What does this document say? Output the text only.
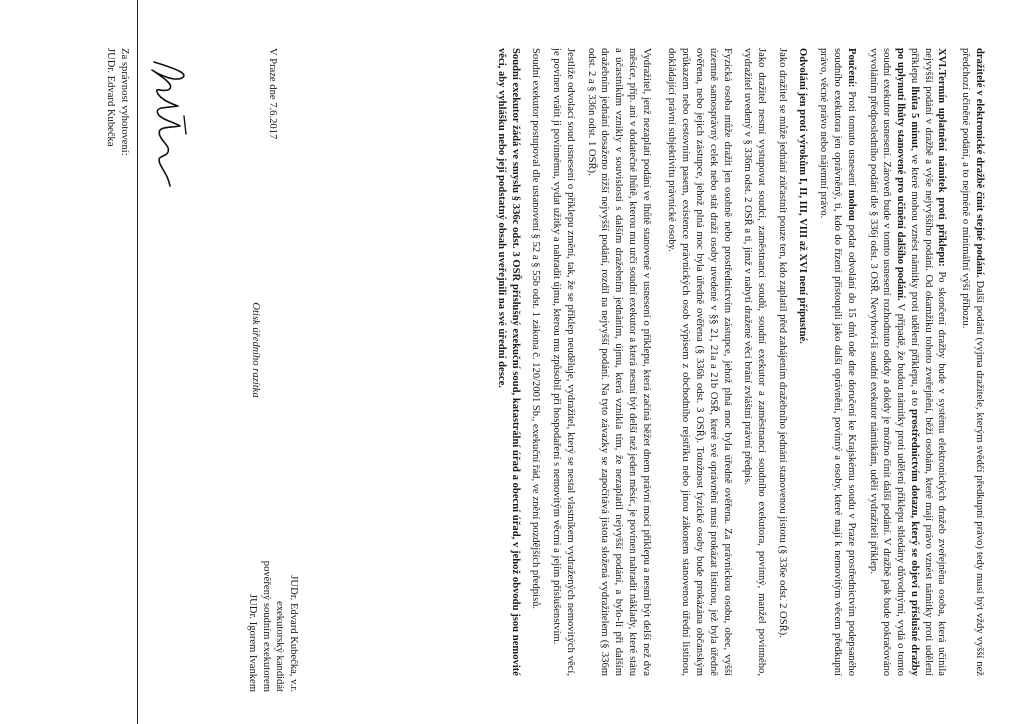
dražitelé v elektronické dražbě činit stejné podání. Další podání (vyjma dražitele, kterým svědčí předkupní právo) tedy musí být vždy vyšší než předchozí učiněné podání, a to nejméně o minimální výši příhozu.

XVI.Termín uplatnění námitek proti příklepu: Po skončení dražby bude v systému elektronických dražeb zveřejněna osoba, která učinila nejvyšší podání v dražbě a výše nejvyššího podání. Od okamžiku tohoto zveřejnění, běží osobám, které mají právo vznést námitky proti udělení příklepu lhůta 5 minut, ve které mohou vznést námitky proti udělení příklepu, a to prostřednictvím dotazu, který se objeví u příslušné dražby po uplynutí lhůty stanovené pro učinění dalšího podání. V případě, že budou námitky proti udělení příklepu shledány důvodnými, vydá o tomto soudní exekutor usnesení. Zároveň bude v tomto usnesení rozhodnuto odkdy a dokdy je možno činit další podání. V dražbě pak bude pokračováno vyvoláním předposledního podání dle § 336j odst. 3 OSŘ. Nevyhoví-li soudní exekutor námitkám, udělí vydražiteli příklep.

Poučení: Proti tomuto usnesení mohou podat odvolání do 15 dnů ode dne doručení ke Krajskému soudu v Praze prostřednictvím podepsaného soudního exekutora jen oprávněný, ti, kdo do řízení přistoupili jako další oprávnění, povinný a osoby, které mají k nemovitým věcem předkupní právo, věcné právo nebo nájemní právo.

Odvolání jen proti výrokům I, II, III, VIII až XVI není přípustné.

Jako dražitel se může jednání zúčastnit pouze ten, kdo zaplatil před zahájením dražebního jednání stanovenou jistotu (§ 336e odst. 2 OSŘ).

Jako dražitel nesmí vystupovat soudci, zaměstnanci soudů, soudní exekutor a zaměstnanci soudního exekutora, povinný, manžel povinného, vydražitel uvedený v § 336m odst. 2 OSŘ a ti, jimž v nabytí dražené věci brání zvláštní právní předpis.

Fyzická osoba může dražit jen osobně nebo prostřednictvím zástupce, jehož plná moc byla úředně ověřena. Za právnickou osobu, obec, vyšší územně samosprávný celek nebo stát draží osoby uvedené v §§ 21, 21a a 21b OSŘ, které své oprávnění musí prokázat listinou, jež byla úředně ověřena, nebo jejich zástupce, jehož plná moc byla úředně ověřena (§ 336h odst. 3 OSŘ). Totožnost fyzické osoby bude prokázána občanským průkazem nebo cestovním pasem, existence právnických osob výpisem z obchodního rejstříku nebo jinou zákonem stanovenou úřední listinou, dokládající právní subjektivitu právnické osoby.

Vydražitel, jenž nezaplatí podání ve lhůtě stanovené v usnesení o příklepu, která začíná běžet dnem právní moci příklepu a nesmí být delší než dva měsíce, příp. ani v dodatečné lhůtě, kterou mu určí soudní exekutor a která nesmí být delší než jeden měsíc, je povinen nahradit náklady, které státu a účastníkům vznikly v souvislosti s dalším dražebním jednáním, újmu, která vznikla tím, že nezaplatil nejvyšší podání, a bylo-li při dalším dražebním jednání dosaženo nižší nejvyšší podání, rozdíl na nejvyšší podání. Na tyto závazky se započítává jistota složená vydražitelem (§ 336m odst. 2 a § 336n odst. 1 OSŘ).

Jestliže odvolací soud usnesení o příklepu změní, tak, že se příklep neuděluje, vydražitel, který se nestal vlastníkem vydražených nemovitých věcí, je povinen vrátit ji povinnému, vydat užitky a nahradit újmu, kterou mu způsobil při hospodaření s nemovitým věcmi a jejím příslušenstvím.

Soudní exekutor postupoval dle ustanovení § 52 a § 55b odst. 1 zákona č. 120/2001 Sb., exekuční řád, ve znění pozdějších předpisů.

Soudní exekutor žádá ve smyslu § 336c odst. 3 OSŘ příslušný exekuční soud, katastrální úřad a obecní úřad, v jehož obvodu jsou nemovité věci, aby vyhlášku nebo její podstatný obsah uveřejnili na své úřední desce.

JUDr. Edvard Kubečka, v.r.
exekutorský kandidát
pověřený soudním exekutorem
JUDr. Igorem Ivankem
Otisk úředního razítka
V Praze dne 7.6.2017
Za správnost vyhotovení:
JUDr. Edvard Kubečka
